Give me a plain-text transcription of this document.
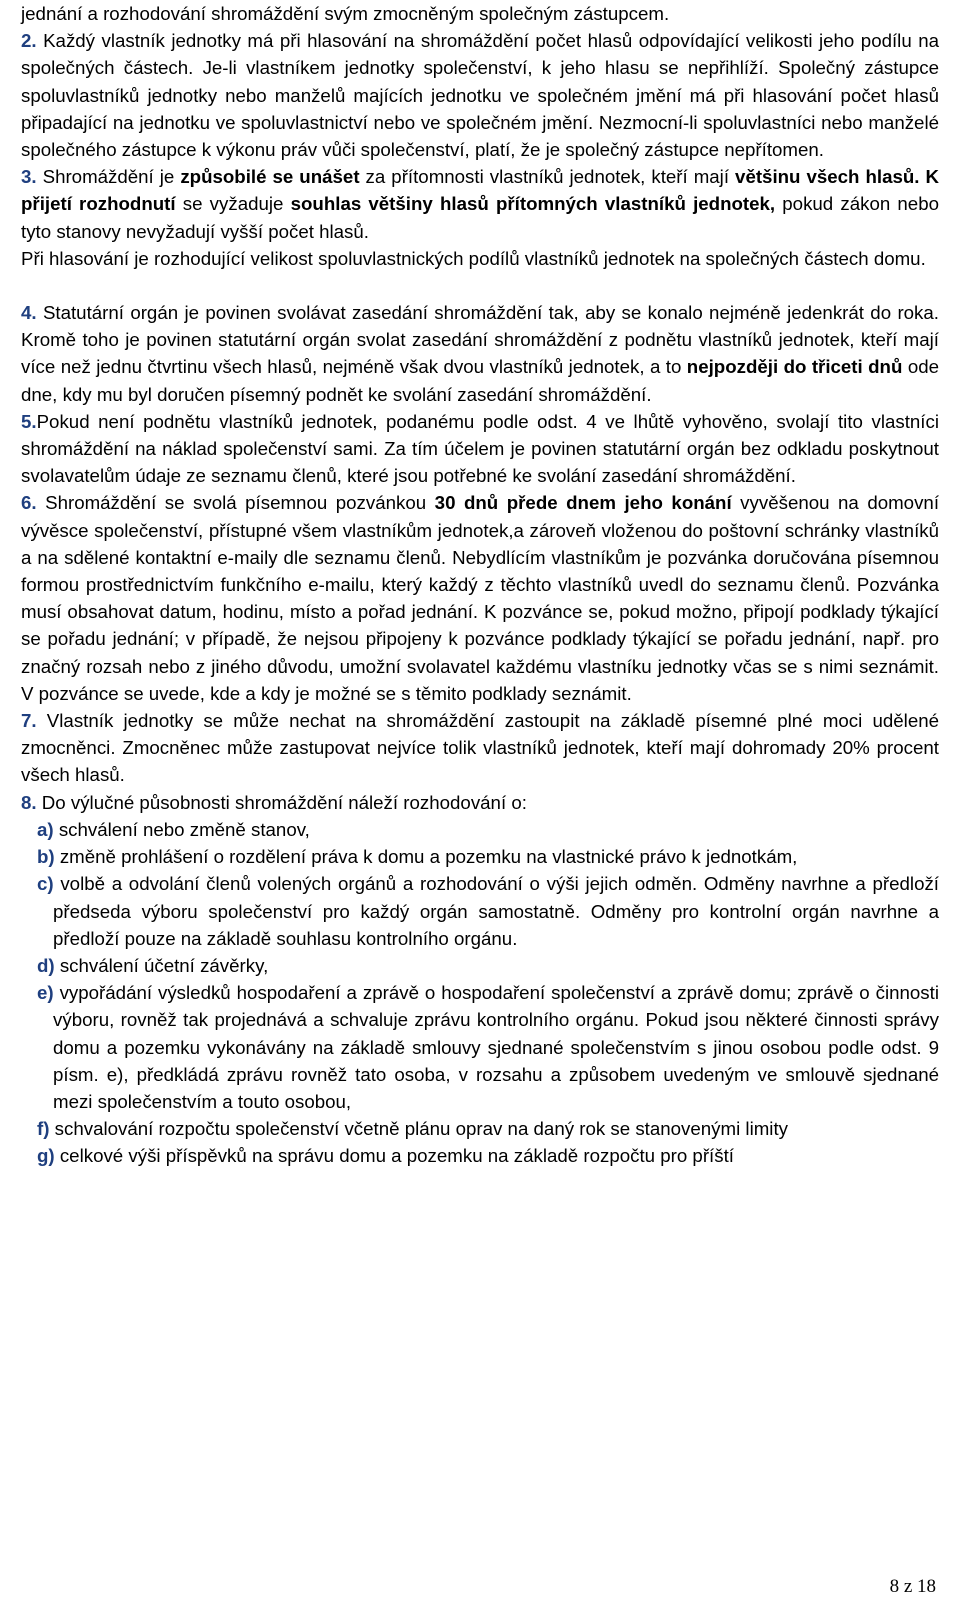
jednání a rozhodování shromáždění svým zmocněným společným zástupcem.

2. Každý vlastník jednotky má při hlasování na shromáždění počet hlasů odpovídající velikosti jeho podílu na společných částech. Je-li vlastníkem jednotky společenství, k jeho hlasu se nepřihlíží. Společný zástupce spoluvlastníků jednotky nebo manželů majících jednotku ve společném jmění má při hlasování počet hlasů připadající na jednotku ve spoluvlastnictví nebo ve společném jmění. Nezmocní-li spoluvlastníci nebo manželé společného zástupce k výkonu práv vůči společenství, platí, že je společný zástupce nepřítomen.

3. Shromáždění je způsobilé se unášet za přítomnosti vlastníků jednotek, kteří mají většinu všech hlasů. K přijetí rozhodnutí se vyžaduje souhlas většiny hlasů přítomných vlastníků jednotek, pokud zákon nebo tyto stanovy nevyžadují vyšší počet hlasů.

Při hlasování je rozhodující velikost spoluvlastnických podílů vlastníků jednotek na společných částech domu.

4. Statutární orgán je povinen svolávat zasedání shromáždění tak, aby se konalo nejméně jedenkrát do roka. Kromě toho je povinen statutární orgán svolat zasedání shromáždění z podnětu vlastníků jednotek, kteří mají více než jednu čtvrtinu všech hlasů, nejméně však dvou vlastníků jednotek, a to nejpozději do třiceti dnů ode dne, kdy mu byl doručen písemný podnět ke svolání zasedání shromáždění.

5.Pokud není podnětu vlastníků jednotek, podanému podle odst. 4 ve lhůtě vyhověno, svolají tito vlastníci shromáždění na náklad společenství sami. Za tím účelem je povinen statutární orgán bez odkladu poskytnout svolavatelům údaje ze seznamu členů, které jsou potřebné ke svolání zasedání shromáždění.

6. Shromáždění se svolá písemnou pozvánkou 30 dnů přede dnem jeho konání vyvěšenou na domovní vývěsce společenství, přístupné všem vlastníkům jednotek,a zároveň vloženou do poštovní schránky vlastníků a na sdělené kontaktní e-maily dle seznamu členů. Nebydlícím vlastníkům je pozvánka doručována písemnou formou prostřednictvím funkčního e-mailu, který každý z těchto vlastníků uvedl do seznamu členů. Pozvánka musí obsahovat datum, hodinu, místo a pořad jednání. K pozvánce se, pokud možno, připojí podklady týkající se pořadu jednání; v případě, že nejsou připojeny k pozvánce podklady týkající se pořadu jednání, např. pro značný rozsah nebo z jiného důvodu, umožní svolavatel každému vlastníku jednotky včas se s nimi seznámit. V pozvánce se uvede, kde a kdy je možné se s těmito podklady seznámit.

7. Vlastník jednotky se může nechat na shromáždění zastoupit na základě písemné plné moci udělené zmocněnci. Zmocněnec může zastupovat nejvíce tolik vlastníků jednotek, kteří mají dohromady 20% procent všech hlasů.

8. Do výlučné působnosti shromáždění náleží rozhodování o:

a) schválení nebo změně stanov,

b) změně prohlášení o rozdělení práva k domu a pozemku na vlastnické právo k jednotkám,

c) volbě a odvolání členů volených orgánů a rozhodování o výši jejich odměn. Odměny navrhne a předloží předseda výboru společenství pro každý orgán samostatně. Odměny pro kontrolní orgán navrhne a předloží pouze na základě souhlasu kontrolního orgánu.

d) schválení účetní závěrky,

e) vypořádání výsledků hospodaření a zprávě o hospodaření společenství a zprávě domu; zprávě o činnosti výboru, rovněž tak projednává a schvaluje zprávu kontrolního orgánu. Pokud jsou některé činnosti správy domu a pozemku vykonávány na základě smlouvy sjednané společenstvím s jinou osobou podle odst. 9 písm. e), předkládá zprávu rovněž tato osoba, v rozsahu a způsobem uvedeným ve smlouvě sjednané mezi společenstvím a touto osobou,

f) schvalování rozpočtu společenství včetně plánu oprav na daný rok se stanovenými limity

g) celkové výši příspěvků na správu domu a pozemku na základě rozpočtu pro příští

8 z 18
